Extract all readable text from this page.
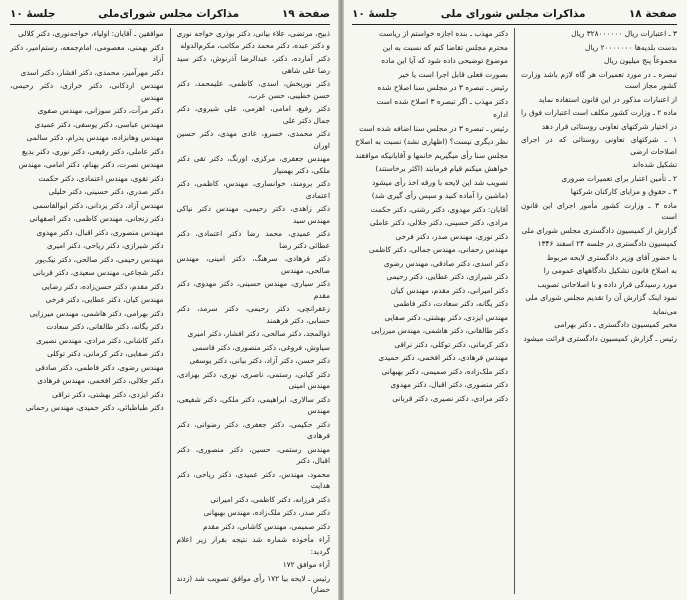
صفحة ١٩
مذاکرات مجلس شورای‌ملی
جلسهٔ ۱۰

ذبیح، مرتضی، علاء بیانی، دکتر بوذری خواجه نوری و دکتر عبده، دکتر محمد دکتر مکاتب، مکرم‌الدوله

دکتر آمارده، دکتر، عبدالرضا آذرنوش، دکتر سید رضا علی شاهی

دکتر نوربخش، اسدی، کاظمی، علیمحمد، دکتر حسن خطیبی، حسن عرب،

دکتر رفیع، امامی، اهرمی، علی شیروی، دکتر جمال دکتر علی

دکتر محمدی، خسرو، عادی مهدی، دکتر حسین اوران

مهندس جعفری، مرکزی، اورنگ، دکتر تقی دکتر ملکی، دکتر بهمنیار

دکتر برومند، خوانساری، مهندس، کاظمی، دکتر اعتمادی

دکتر زاهدی، دکتر رحیمی، مهندس دکتر نیاکی مهندس سید

دکتر عمیدی، محمد رضا دکتر اعتمادی، دکتر عطائی دکتر رضا

دکتر فرهادی، سرهنگ، دکتر امینی، مهندس صالحی، مهندس

دکتر سیاری، مهندس حسینی، دکتر مهدوی، دکتر مقدم

زعفرانچی، دکتر رحیمی، دکتر سرمد، دکتر حسابی، دکتر فرهمند

ذوالمجد، دکتر صالحی، دکتر افشار، دکتر امیری

سیاوش، فروغی، دکتر منصوری، دکتر قاسمی

دکتر حسن، دکتر آزاد، دکتر بیانی، دکتر یوسفی

دکتر کیانی، رستمی، ناصری، نوری، دکتر بهزادی، مهندس امینی

دکتر سالاری، ابراهیمی، دکتر ملکی، دکتر شفیعی، مهندس

دکتر حکیمی، دکتر جعفری، دکتر رضوانی، دکتر فرهادی

مهندس رستمی، حسین، دکتر منصوری، دکتر اقبال، دکتر

محمود، مهندس، دکتر عمیدی، دکتر ریاحی، دکتر هدایت

دکتر فرزانه، دکتر کاظمی، دکتر امیرانی

دکتر صدر، دکتر ملک‌زاده، مهندس بهبهانی

دکتر صمیمی، مهندس کاشانی، دکتر مقدم

آراء مأخوذه شماره شد نتیجه بقرار زیر اعلام گردید:

آراء موافق ۱۷۲

رئیس ـ لایحه بیا ۱۷۲ رأی موافق تصویب شد (زدند حضار)

موافقین ـ آقایان: اولیاء، خواجه‌نوری، دکتر کلالی

دکتر بهمنی، معصومی، امام‌جمعه، رستم‌امیر، دکتر آزاد

دکتر مهرآمیز، محمدی، دکتر افشار، دکتر اسدی

مهندس اردکانی، دکتر خرازی، دکتر رحیمی، مهندس

دکتر مرآت، دکتر سوزانی، مهندس صفوی

مهندس عباسی، دکتر یوسفی، دکتر عمیدی

مهندس وهابزاده، مهندس پدرام، دکتر سالمی

دکتر عاملی، دکتر رفیعی، دکتر نوری، دکتر بدیع

مهندس نصرت، دکتر بهنام، دکتر امامی، مهندس

دکتر تقوی، مهندس اعتمادی، دکتر حکمت

دکتر صدری، دکتر حسینی، دکتر خلیلی

مهندس آزاد، دکتر یزدانی، دکتر ابوالقاسمی

دکتر زنجانی، مهندس کاظمی، دکتر اصفهانی

مهندس منصوری، دکتر اقبال، دکتر مهدوی

دکتر شیرازی، دکتر ریاحی، دکتر امیری

مهندس رحیمی، دکتر صالحی، دکتر نیک‌پور

دکتر شجاعی، مهندس سعیدی، دکتر قربانی

دکتر مقدم، دکتر حسن‌زاده، دکتر رضایی

مهندس کیان، دکتر عطایی، دکتر فرخی

دکتر بهرامی، دکتر هاشمی، مهندس میرزایی

دکتر یگانه، دکتر طالقانی، دکتر سعادت

دکتر کاشانی، دکتر مرادی، مهندس نصیری

دکتر صفایی، دکتر کرمانی، دکتر توکلی

مهندس رضوی، دکتر فاطمی، دکتر صادقی

دکتر جلالی، دکتر افخمی، مهندس فرهادی

دکتر ایزدی، دکتر بهشتی، دکتر نراقی

دکتر طباطبائی، دکتر حمیدی، مهندس رحمانی

صفحة ١٨
مذاکرات مجلس شورای ملی
جلسهٔ ۱۰

۳ ـ اعتبارات ریال ۳۲۸۰۰۰۰۰۰ ریال

بدست بلدیه‌ها ۲۰۰۰۰۰۰۰ ریال

مجموعاً پنج میلیون ریال

تبصره ـ در مورد تعمیرات هر گاه لازم باشد وزارت کشور مجاز است

از اعتبارات مذکور در این قانون استفاده نماید

ماده ۲ ـ وزارت کشور مکلف است اعتبارات فوق را

در اختیار شرکتهای تعاونی روستائی قرار دهد

۱ ـ شرکتهای تعاونی روستائی که در اجرای اصلاحات ارضی

تشکیل شده‌اند

۲ ـ تأمین اعتبار برای تعمیرات ضروری

۳ ـ حقوق و مزایای کارکنان شرکتها

ماده ۳ ـ وزارت کشور مأمور اجرای این قانون است

گزارش از کمیسیون دادگستری مجلس شورای ملی

کمیسیون دادگستری در جلسه ۲۴ اسفند ۱۳۴۶

با حضور آقای وزیر دادگستری لایحه مربوط

به اصلاح قانون تشکیل دادگاههای عمومی را

مورد رسیدگی قرار داده و با اصلاحاتی تصویب

نمود اینک گزارش آن را تقدیم مجلس شورای ملی

می‌نماید

مخبر کمیسیون دادگستری ـ دکتر بهرامی

رئیس ـ گزارش کمیسیون دادگستری قرائت میشود

دکتر مهذب ـ بنده اجازه خواستم از ریاست

محترم مجلس تقاضا کنم که نسبت به این

موضوع توضیحی داده شود که آیا این ماده

بصورت فعلی قابل اجرا است یا خیر

رئیس ـ تبصره ۳ در مجلس سنا اصلاح شده

دکتر مهذب ـ اگر تبصره ۳ اصلاح شده است

اداره

رئیس ـ تبصره ۳ در مجلس سنا اضافه شده است

نظر دیگری نیست؟ (اظهاری نشد) نسبت به اصلاح

مجلس سنا رأی میگیریم خانمها و آقایانیکه موافقند

خواهش میکنم قیام فرمایند (اکثر برخاستند)

تصویب شد این لایحه با ورقه اخذ رأی میشود

(ماشین را آماده کنید و سپس رأی گیری شد)

آقایان: دکتر مهدوی، دکتر رشتی، دکتر حکمت

مرادی، دکتر حسینی، دکتر جلالی، دکتر عاملی

دکتر نوری، مهندس صدر، دکتر فرخی

مهندس رحمانی، مهندس جمالی، دکتر کاظمی

دکتر اسدی، دکتر صادقی، مهندس رضوی

دکتر شیرازی، دکتر عطایی، دکتر رحیمی

دکتر امیرانی، دکتر مقدم، مهندس کیان

دکتر یگانه، دکتر سعادت، دکتر فاطمی

مهندس ایزدی، دکتر بهشتی، دکتر صفایی

دکتر طالقانی، دکتر هاشمی، مهندس میرزایی

دکتر کرمانی، دکتر توکلی، دکتر نراقی

مهندس فرهادی، دکتر افخمی، دکتر حمیدی

دکتر ملک‌زاده، دکتر صمیمی، دکتر بهبهانی

دکتر منصوری، دکتر اقبال، دکتر مهدوی

دکتر مرادی، دکتر نصیری، دکتر قربانی
